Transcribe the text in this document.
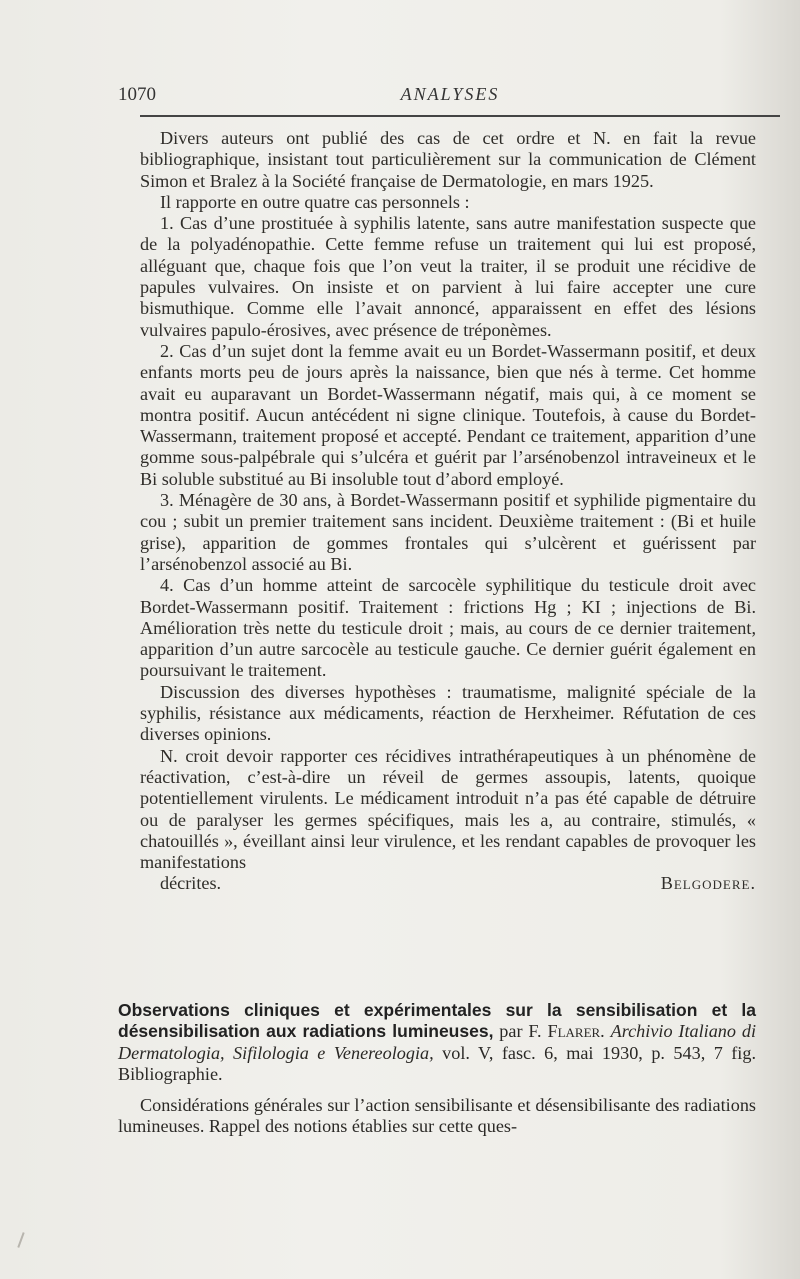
1070	ANALYSES

Divers auteurs ont publié des cas de cet ordre et N. en fait la revue bibliographique, insistant tout particulièrement sur la communication de Clément Simon et Bralez à la Société française de Dermatologie, en mars 1925.

Il rapporte en outre quatre cas personnels :

1. Cas d’une prostituée à syphilis latente, sans autre manifestation suspecte que de la polyadénopathie. Cette femme refuse un traitement qui lui est proposé, alléguant que, chaque fois que l’on veut la traiter, il se produit une récidive de papules vulvaires. On insiste et on parvient à lui faire accepter une cure bismuthique. Comme elle l’avait annoncé, apparaissent en effet des lésions vulvaires papulo-érosives, avec présence de tréponèmes.

2. Cas d’un sujet dont la femme avait eu un Bordet-Wassermann positif, et deux enfants morts peu de jours après la naissance, bien que nés à terme. Cet homme avait eu auparavant un Bordet-Wassermann négatif, mais qui, à ce moment se montra positif. Aucun antécédent ni signe clinique. Toutefois, à cause du Bordet-Wassermann, traitement proposé et accepté. Pendant ce traitement, apparition d’une gomme sous-palpébrale qui s’ulcéra et guérit par l’arsénobenzol intraveineux et le Bi soluble substitué au Bi insoluble tout d’abord employé.

3. Ménagère de 30 ans, à Bordet-Wassermann positif et syphilide pigmentaire du cou ; subit un premier traitement sans incident. Deuxième traitement : (Bi et huile grise), apparition de gommes frontales qui s’ulcèrent et guérissent par l’arsénobenzol associé au Bi.

4. Cas d’un homme atteint de sarcocèle syphilitique du testicule droit avec Bordet-Wassermann positif. Traitement : frictions Hg ; KI ; injections de Bi. Amélioration très nette du testicule droit ; mais, au cours de ce dernier traitement, apparition d’un autre sarcocèle au testicule gauche. Ce dernier guérit également en poursuivant le traitement.

Discussion des diverses hypothèses : traumatisme, malignité spéciale de la syphilis, résistance aux médicaments, réaction de Herxheimer. Réfutation de ces diverses opinions.

N. croit devoir rapporter ces récidives intrathérapeutiques à un phénomène de réactivation, c’est-à-dire un réveil de germes assoupis, latents, quoique potentiellement virulents. Le médicament introduit n’a pas été capable de détruire ou de paralyser les germes spécifiques, mais les a, au contraire, stimulés, « chatouillés », éveillant ainsi leur virulence, et les rendant capables de provoquer les manifestations

décrites.	Belgodere.

Observations cliniques et expérimentales sur la sensibilisation et la désensibilisation aux radiations lumineuses, par F. Flarer. Archivio Italiano di Dermatologia, Sifilologia e Venereologia, vol. V, fasc. 6, mai 1930, p. 543, 7 fig. Bibliographie.

Considérations générales sur l’action sensibilisante et désensibilisante des radiations lumineuses. Rappel des notions établies sur cette ques-
